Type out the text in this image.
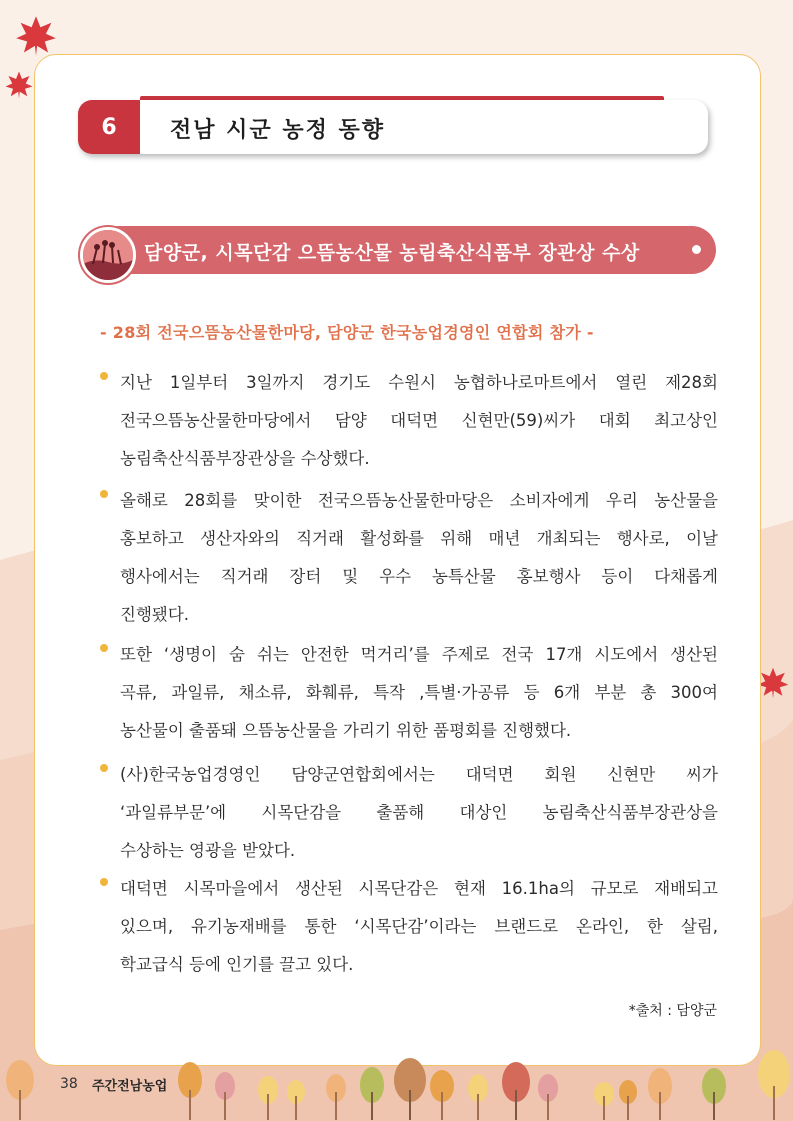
6	전남 시군 농정 동향
담양군, 시목단감 으뜸농산물 농림축산식품부 장관상 수상
- 28회 전국으뜸농산물한마당, 담양군 한국농업경영인 연합회 참가 -
지난 1일부터 3일까지 경기도 수원시 농협하나로마트에서 열린 제28회
전국으뜸농산물한마당에서 담양 대덕면 신현만(59)씨가 대회 최고상인
농림축산식품부장관상을 수상했다.
올해로 28회를 맞이한 전국으뜸농산물한마당은 소비자에게 우리 농산물을
홍보하고 생산자와의 직거래 활성화를 위해 매년 개최되는 행사로, 이날
행사에서는 직거래 장터 및 우수 농특산물 홍보행사 등이 다채롭게
진행됐다.
또한 ‘생명이 숨 쉬는 안전한 먹거리’를 주제로 전국 17개 시도에서 생산된
곡류, 과일류, 채소류, 화훼류, 특작 ,특별·가공류 등 6개 부분 총 300여
농산물이 출품돼 으뜸농산물을 가리기 위한 품평회를 진행했다.
(사)한국농업경영인 담양군연합회에서는 대덕면 회원 신현만 씨가
‘과일류부문’에 시목단감을 출품해 대상인 농림축산식품부장관상을
수상하는 영광을 받았다.
대덕면 시목마을에서 생산된 시목단감은 현재 16.1ha의 규모로 재배되고
있으며, 유기농재배를 통한 ‘시목단감’이라는 브랜드로 온라인, 한 살림,
학교급식 등에 인기를 끌고 있다.
*출처 : 담양군
38 주간전남농업
